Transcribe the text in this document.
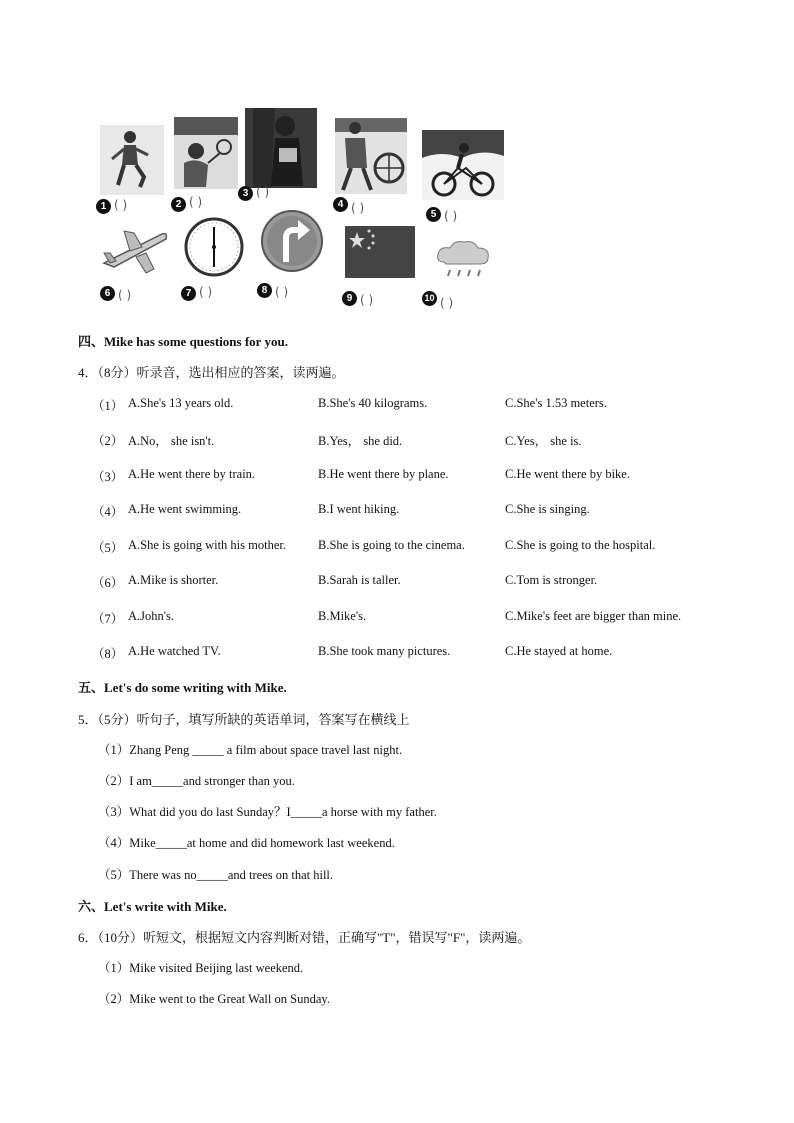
1 ( )	2 ( )
3 ( )
4 ( )	5 ( )
6 ( )	7 ( )	8 ( )	9 ( )	10 ( )
四、Mike has some questions for you.
4．（8分）听录音，选出相应的答案，读两遍。
（1） A.She's 13 years old.	B.She's 40 kilograms.	C.She's 1.53 meters.
（2） A.No， she isn't.	B.Yes， she did.	C.Yes， she is.
（3） A.He went there by train.	B.He went there by plane.	C.He went there by bike.
（4） A.He went swimming.	B.I went hiking.	C.She is singing.
（5） A.She is going with his mother.	B.She is going to the cinema.	C.She is going to the hospital.
（6） A.Mike is shorter.	B.Sarah is taller.	C.Tom is stronger.
（7） A.John's.	B.Mike's.	C.Mike's feet are bigger than mine.
（8） A.He watched TV.	B.She took many pictures.	C.He stayed at home.
五、Let's do some writing with Mike.
5．（5分）听句子，填写所缺的英语单词，答案写在横线上
（1）Zhang Peng _____ a film about space travel last night.
（2）I am_____and stronger than you.
（3）What did you do last Sunday？I_____a horse with my father.
（4）Mike_____at home and did homework last weekend.
（5）There was no_____and trees on that hill.
六、Let's write with Mike.
6．（10分）听短文，根据短文内容判断对错，正确写"T"，错误写"F"，读两遍。
（1）Mike visited Beijing last weekend.
（2）Mike went to the Great Wall on Sunday.
